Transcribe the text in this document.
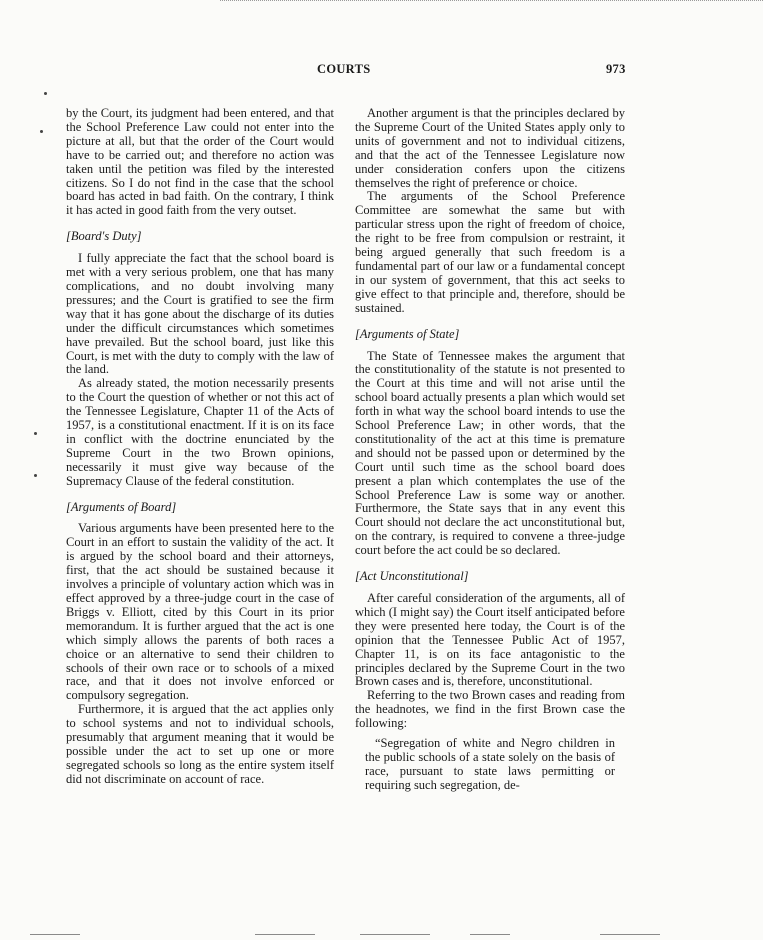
COURTS	973

by the Court, its judgment had been entered, and that the School Preference Law could not enter into the picture at all, but that the order of the Court would have to be carried out; and therefore no action was taken until the petition was filed by the interested citizens. So I do not find in the case that the school board has acted in bad faith. On the contrary, I think it has acted in good faith from the very outset.

[Board's Duty]

I fully appreciate the fact that the school board is met with a very serious problem, one that has many complications, and no doubt involving many pressures; and the Court is gratified to see the firm way that it has gone about the discharge of its duties under the difficult circumstances which sometimes have prevailed. But the school board, just like this Court, is met with the duty to comply with the law of the land.

As already stated, the motion necessarily presents to the Court the question of whether or not this act of the Tennessee Legislature, Chapter 11 of the Acts of 1957, is a constitutional enactment. If it is on its face in conflict with the doctrine enunciated by the Supreme Court in the two Brown opinions, necessarily it must give way because of the Supremacy Clause of the federal constitution.

[Arguments of Board]

Various arguments have been presented here to the Court in an effort to sustain the validity of the act. It is argued by the school board and their attorneys, first, that the act should be sustained because it involves a principle of voluntary action which was in effect approved by a three-judge court in the case of Briggs v. Elliott, cited by this Court in its prior memorandum. It is further argued that the act is one which simply allows the parents of both races a choice or an alternative to send their children to schools of their own race or to schools of a mixed race, and that it does not involve enforced or compulsory segregation.

Furthermore, it is argued that the act applies only to school systems and not to individual schools, presumably that argument meaning that it would be possible under the act to set up one or more segregated schools so long as the entire system itself did not discriminate on account of race.

Another argument is that the principles declared by the Supreme Court of the United States apply only to units of government and not to individual citizens, and that the act of the Tennessee Legislature now under consideration confers upon the citizens themselves the right of preference or choice.

The arguments of the School Preference Committee are somewhat the same but with particular stress upon the right of freedom of choice, the right to be free from compulsion or restraint, it being argued generally that such freedom is a fundamental part of our law or a fundamental concept in our system of government, that this act seeks to give effect to that principle and, therefore, should be sustained.

[Arguments of State]

The State of Tennessee makes the argument that the constitutionality of the statute is not presented to the Court at this time and will not arise until the school board actually presents a plan which would set forth in what way the school board intends to use the School Preference Law; in other words, that the constitutionality of the act at this time is premature and should not be passed upon or determined by the Court until such time as the school board does present a plan which contemplates the use of the School Preference Law is some way or another. Furthermore, the State says that in any event this Court should not declare the act unconstitutional but, on the contrary, is required to convene a three-judge court before the act could be so declared.

[Act Unconstitutional]

After careful consideration of the arguments, all of which (I might say) the Court itself anticipated before they were presented here today, the Court is of the opinion that the Tennessee Public Act of 1957, Chapter 11, is on its face antagonistic to the principles declared by the Supreme Court in the two Brown cases and is, therefore, unconstitutional.

Referring to the two Brown cases and reading from the headnotes, we find in the first Brown case the following:

“Segregation of white and Negro children in the public schools of a state solely on the basis of race, pursuant to state laws permitting or requiring such segregation, de-
